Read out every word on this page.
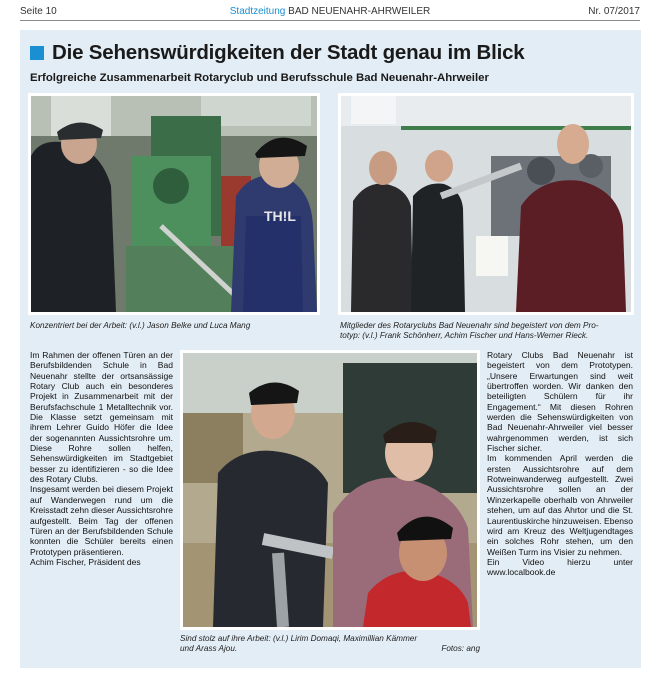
Seite 10	Stadtzeitung BAD NEUENAHR-AHRWEILER	Nr. 07/2017
Die Sehenswürdigkeiten der Stadt genau im Blick
Erfolgreiche Zusammenarbeit Rotaryclub und Berufsschule Bad Neuenahr-Ahrweiler
TH!L
Konzentriert bei der Arbeit: (v.l.) Jason Belke und Luca Mang	Mitglieder des Rotaryclubs Bad Neuenahr sind begeistert von dem Pro-
totyp: (v.l.) Frank Schönherr, Achim Fischer und Hans-Werner Rieck.

Im Rahmen der offenen Türen an der Berufsbildenden Schule in Bad Neuenahr stellte der ortsansässige Rotary Club auch ein besonderes Projekt in Zusammenarbeit mit der Berufsfachschule 1 Metalltechnik vor. Die Klasse setzt gemeinsam mit ihrem Lehrer Guido Höfer die Idee der sogenannten Aussichtsrohre um. Diese Rohre sollen helfen, Sehenswürdigkeiten im Stadtgebiet besser zu identifizieren - so die Idee des Rotary Clubs.

Insgesamt werden bei diesem Projekt auf Wanderwegen rund um die Kreisstadt zehn dieser Aussichtsrohre aufgestellt. Beim Tag der offenen Türen an der Berufsbildenden Schule konnten die Schüler bereits einen Prototypen präsentieren.

Achim Fischer, Präsident des

Sind stolz auf ihre Arbeit: (v.l.) Lirim Domaqi, Maximillian Kämmer
und Arass Ajou.	Fotos: ang

Rotary Clubs Bad Neuenahr ist begeistert von dem Prototypen. „Unsere Erwartungen sind weit übertroffen worden. Wir danken den beteiligten Schülern für ihr Engagement.“ Mit diesen Rohren werden die Sehenswürdigkeiten von Bad Neuenahr-Ahrweiler viel besser wahrgenommen werden, ist sich Fischer sicher.

Im kommenden April werden die ersten Aussichtsrohre auf dem Rotweinwanderweg aufgestellt. Zwei Aussichtsrohre sollen an der Winzerkapelle oberhalb von Ahrweiler stehen, um auf das Ahrtor und die St. Laurentiuskirche hinzuweisen. Ebenso wird am Kreuz des Weltjugendtages ein solches Rohr stehen, um den Weißen Turm ins Visier zu nehmen.

Ein Video hierzu unter www.localbook.de
